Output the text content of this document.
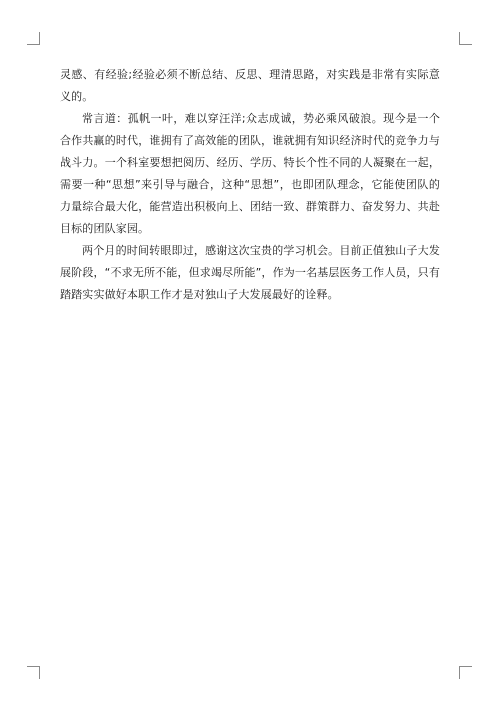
灵感、有经验;经验必须不断总结、反思、理清思路，对实践是非常有实际意义的。

常言道：孤帆一叶，难以穿汪洋;众志成诚，势必乘风破浪。现今是一个合作共赢的时代，谁拥有了高效能的团队，谁就拥有知识经济时代的竞争力与战斗力。一个科室要想把阅历、经历、学历、特长个性不同的人凝聚在一起，需要一种“思想”来引导与融合，这种“思想”，也即团队理念，它能使团队的力量综合最大化，能营造出积极向上、团结一致、群策群力、奋发努力、共赴目标的团队家园。

两个月的时间转眼即过，感谢这次宝贵的学习机会。目前正值独山子大发展阶段，“不求无所不能，但求竭尽所能”，作为一名基层医务工作人员，只有踏踏实实做好本职工作才是对独山子大发展最好的诠释。
